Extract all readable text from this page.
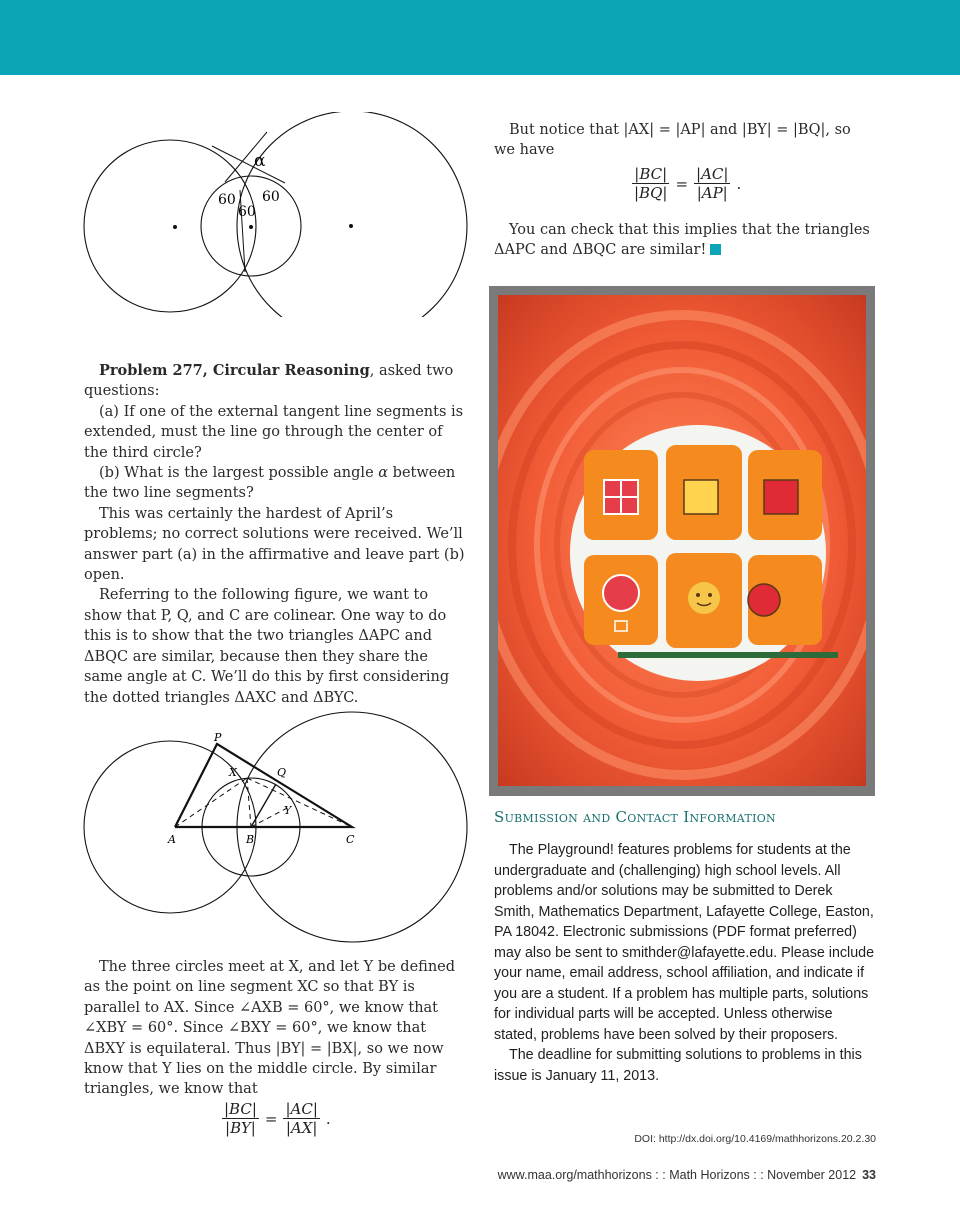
α
60 60
60

But notice that |AX| = |AP| and |BY| = |BQ|, so we have

$\frac{|BC|}{|BQ|} = \frac{|AC|}{|AP|}$ .

You can check that this implies that the triangles

ΔAPC and ΔBQC are similar!

Problem 277, Circular Reasoning, asked two questions:

(a) If one of the external tangent line segments is extended, must the line go through the center of the third circle?

(b) What is the largest possible angle α between the two line segments?

This was certainly the hardest of April’s problems; no correct solutions were received. We’ll answer part (a) in the affirmative and leave part (b) open.

Referring to the following figure, we want to show that P, Q, and C are colinear. One way to do this is to show that the two triangles ΔAPC and ΔBQC are similar, because then they share the same angle at C. We’ll do this by first considering the dotted triangles ΔAXC and ΔBYC.

P
Q
X
Y
A	B	C

The three circles meet at X, and let Y be defined as the point on line segment XC so that BY is parallel to AX. Since ∠AXB = 60°, we know that ∠XBY = 60°. Since ∠BXY = 60°, we know that ΔBXY is equilateral. Thus |BY| = |BX|, so we now know that Y lies on the middle circle. By similar triangles, we know that

$\frac{|BC|}{|BY|} = \frac{|AC|}{|AX|}$ .
Submission and Contact Information

The Playground! features problems for students at the undergraduate and (challenging) high school levels. All problems and/or solutions may be submitted to Derek Smith, Mathematics Department, Lafayette College, Easton, PA 18042. Electronic submissions (PDF format preferred) may also be sent to smithder@lafayette.edu. Please include your name, email address, school affiliation, and indicate if you are a student. If a problem has multiple parts, solutions for individual parts will be accepted. Unless otherwise stated, problems have been solved by their proposers.

The deadline for submitting solutions to problems in this issue is January 11, 2013.

DOI: http://dx.doi.org/10.4169/mathhorizons.20.2.30
www.maa.org/mathhorizons : : Math Horizons : : November 2012 33
